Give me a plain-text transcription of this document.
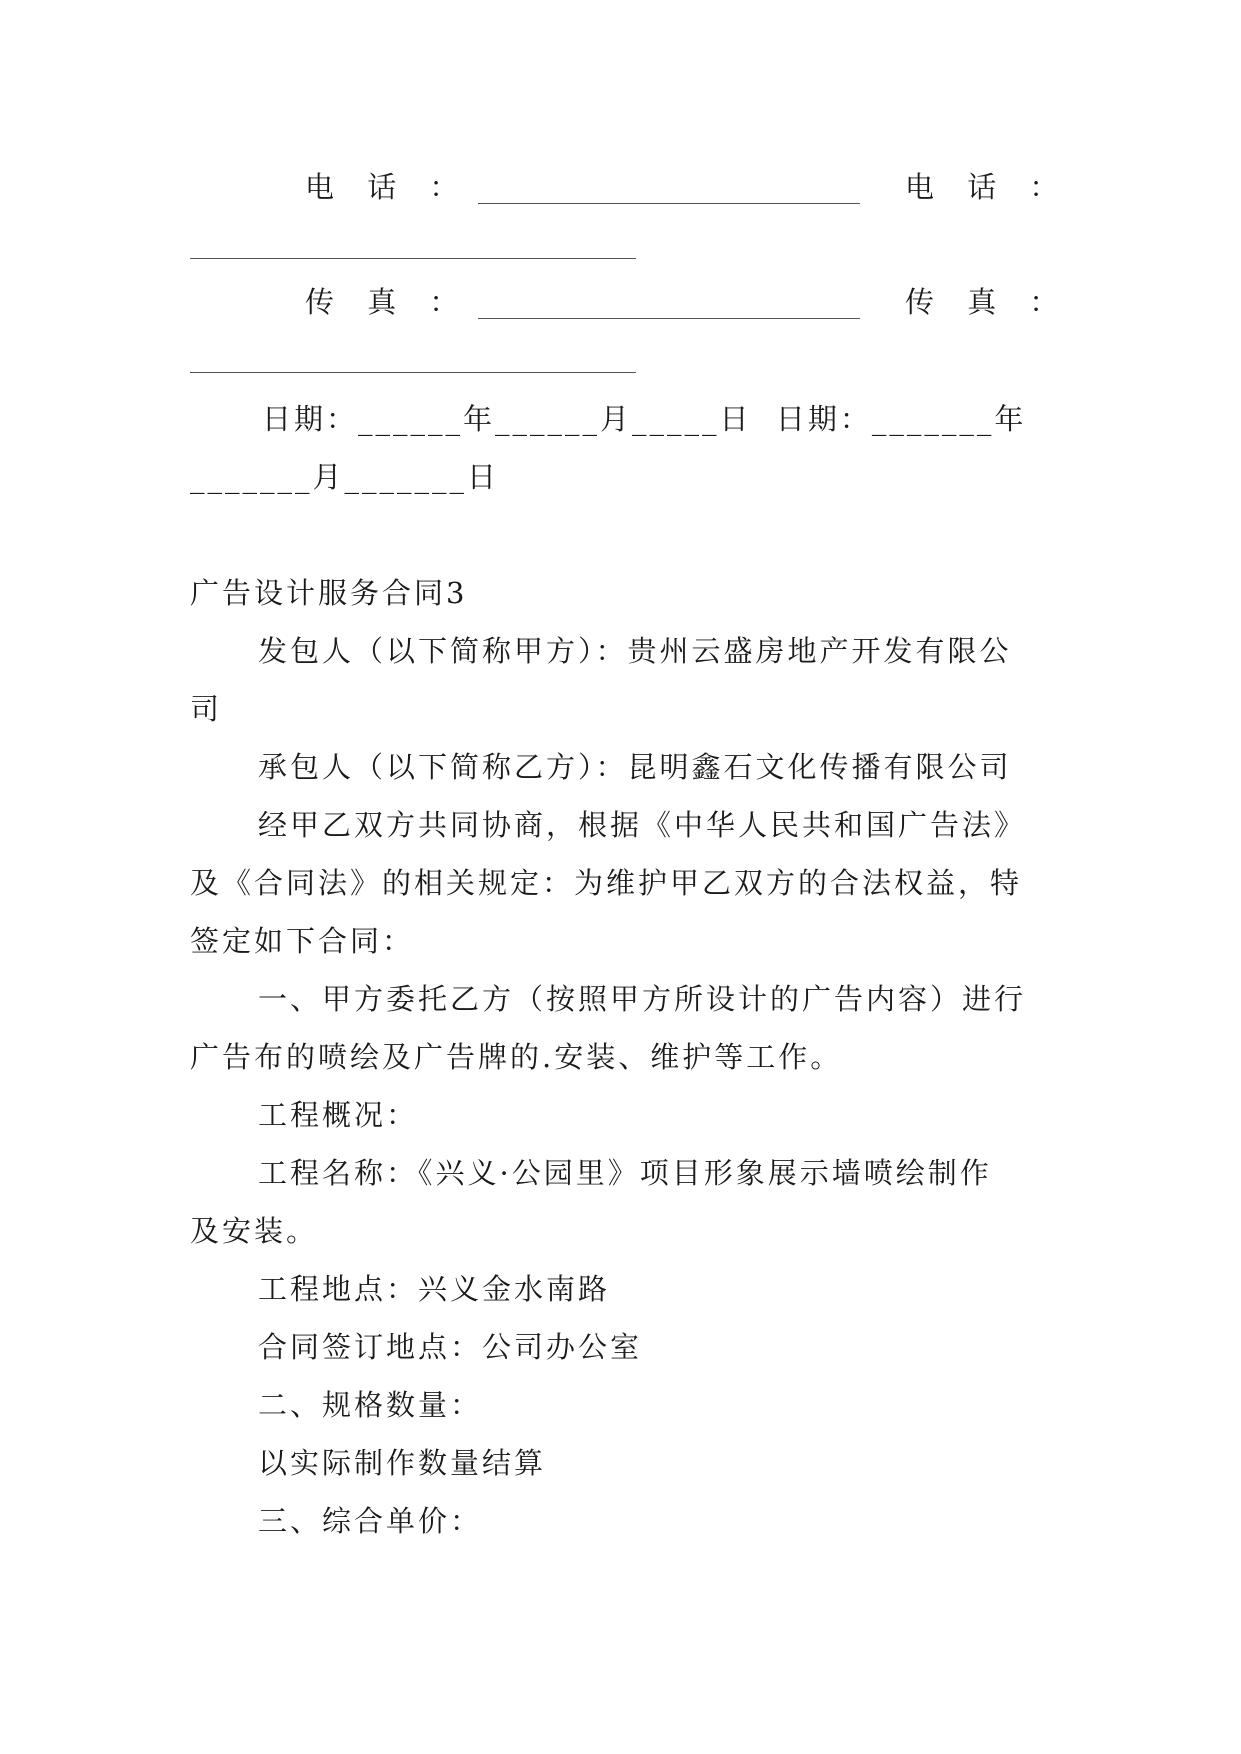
电 话 ：	电 话 ：
传 真 ：	传 真 ：
日期：______年______月_____日  日期：_______年
_______月_______日
广告设计服务合同3
发包人（以下简称甲方）：贵州云盛房地产开发有限公
司
承包人（以下简称乙方）：昆明鑫石文化传播有限公司
经甲乙双方共同协商，根据《中华人民共和国广告法》
及《合同法》的相关规定：为维护甲乙双方的合法权益，特
签定如下合同：
一、甲方委托乙方（按照甲方所设计的广告内容）进行
广告布的喷绘及广告牌的.安装、维护等工作。
工程概况：
工程名称：《兴义·公园里》项目形象展示墙喷绘制作
及安装。
工程地点：兴义金水南路
合同签订地点：公司办公室
二、规格数量：
以实际制作数量结算
三、综合单价：
